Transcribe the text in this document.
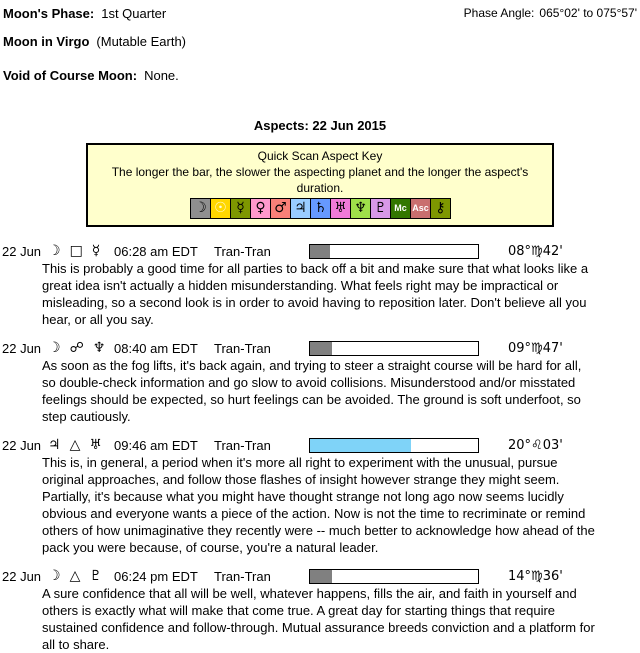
Moon's Phase: 1st Quarter	Phase Angle: 065°02' to 075°57'
Moon in Virgo (Mutable Earth)
Void of Course Moon: None.
Aspects: 22 Jun 2015
Quick Scan Aspect Key
The longer the bar, the slower the aspecting planet and the longer the aspect's duration.
☽ ☉ ☿ ♀ ♂ ♃ ♄ ♅ ♆ ♇ Mc Asc ⚷
22 Jun ☽ □ ☿ 06:28 am EDT	Tran-Tran	08°♍42'
This is probably a good time for all parties to back off a bit and make sure that what looks like a great idea isn't actually a hidden misunderstanding. What feels right may be impractical or misleading, so a second look is in order to avoid having to reposition later. Don't believe all you hear, or all you say.
22 Jun ☽ ☍ ♆ 08:40 am EDT	Tran-Tran	09°♍47'
As soon as the fog lifts, it's back again, and trying to steer a straight course will be hard for all, so double-check information and go slow to avoid collisions. Misunderstood and/or misstated feelings should be expected, so hurt feelings can be avoided. The ground is soft underfoot, so step cautiously.
22 Jun ♃ △ ♅ 09:46 am EDT	Tran-Tran	20°♌03'
This is, in general, a period when it's more all right to experiment with the unusual, pursue original approaches, and follow those flashes of insight however strange they might seem. Partially, it's because what you might have thought strange not long ago now seems lucidly obvious and everyone wants a piece of the action. Now is not the time to recriminate or remind others of how unimaginative they recently were -- much better to acknowledge how ahead of the pack you were because, of course, you're a natural leader.
22 Jun ☽ △ ♇ 06:24 pm EDT	Tran-Tran	14°♍36'
A sure confidence that all will be well, whatever happens, fills the air, and faith in yourself and others is exactly what will make that come true. A great day for starting things that require sustained confidence and follow-through. Mutual assurance breeds conviction and a platform for all to share.
